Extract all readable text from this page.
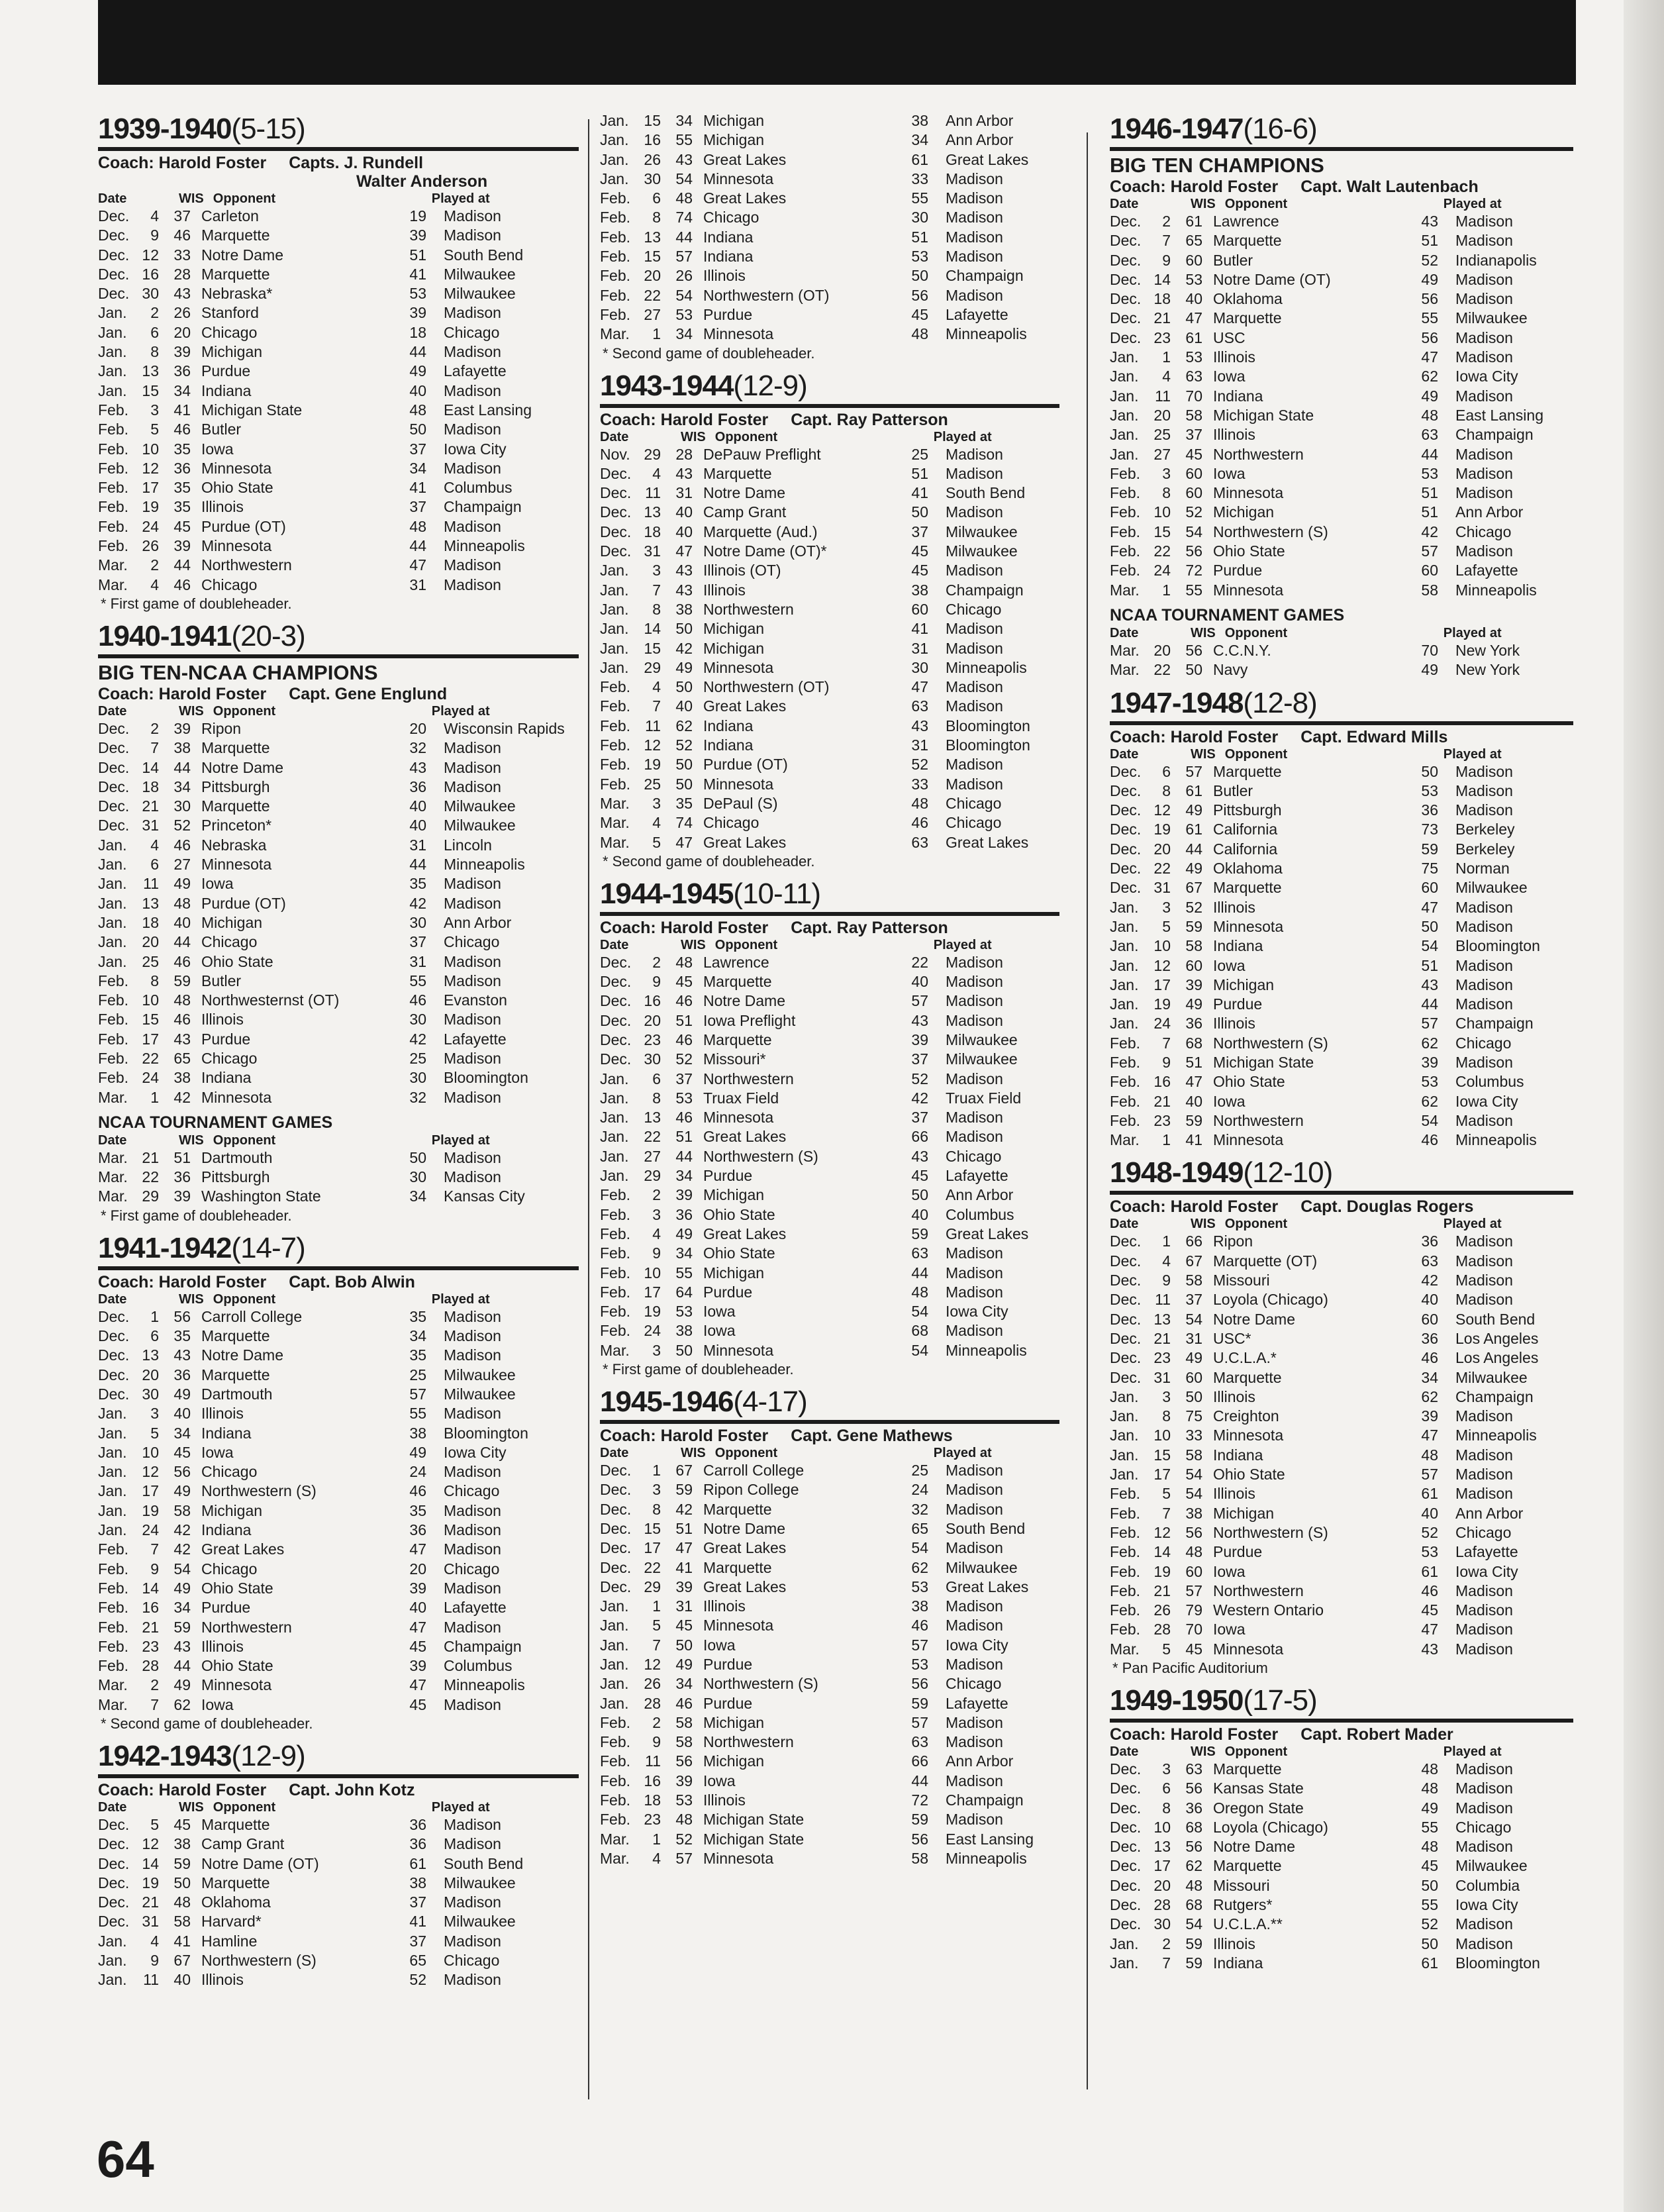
1939-1940(5-15)
Coach: Harold Foster Capts. J. Rundell
Walter Anderson
Date	WIS Opponent	Played at
Dec.	4 37 Carleton	19	Madison
Dec.	9 46 Marquette	39	Madison
Dec. 12 33 Notre Dame	51	South Bend
Dec. 16 28 Marquette	41	Milwaukee
Dec. 30 43 Nebraska*	53	Milwaukee
Jan.	2 26 Stanford	39	Madison
Jan.	6 20 Chicago	18	Chicago
Jan.	8 39 Michigan	44	Madison
Jan. 13 36 Purdue	49	Lafayette
Jan. 15 34 Indiana	40	Madison
Feb.	3 41 Michigan State	48	East Lansing
Feb.	5 46 Butler	50	Madison
Feb. 10 35 Iowa	37	Iowa City
Feb. 12 36 Minnesota	34	Madison
Feb. 17 35 Ohio State	41	Columbus
Feb. 19 35 Illinois	37	Champaign
Feb. 24 45 Purdue (OT)	48	Madison
Feb. 26 39 Minnesota	44	Minneapolis
Mar.	2 44 Northwestern	47	Madison
Mar.	4 46 Chicago	31	Madison
* First game of doubleheader.
1940-1941(20-3)
BIG TEN-NCAA CHAMPIONS
Coach: Harold Foster Capt. Gene Englund
Date	WIS Opponent	Played at
Dec.	2 39 Ripon	20	Wisconsin Rapids
Dec.	7 38 Marquette	32	Madison
Dec. 14 44 Notre Dame	43	Madison
Dec. 18 34 Pittsburgh	36	Madison
Dec. 21 30 Marquette	40	Milwaukee
Dec. 31 52 Princeton*	40	Milwaukee
Jan.	4 46 Nebraska	31	Lincoln
Jan.	6 27 Minnesota	44	Minneapolis
Jan.	11 49 Iowa	35	Madison
Jan. 13 48 Purdue (OT)	42	Madison
Jan. 18 40 Michigan	30	Ann Arbor
Jan. 20 44 Chicago	37	Chicago
Jan. 25 46 Ohio State	31	Madison
Feb.	8 59 Butler	55	Madison
Feb. 10 48 Northwesternst (OT)	46	Evanston
Feb. 15 46 Illinois	30	Madison
Feb. 17 43 Purdue	42	Lafayette
Feb. 22 65 Chicago	25	Madison
Feb. 24 38 Indiana	30	Bloomington
Mar.	1 42 Minnesota	32	Madison
NCAA TOURNAMENT GAMES
Date	WIS Opponent	Played at
Mar. 21 51 Dartmouth	50	Madison
Mar. 22 36 Pittsburgh	30	Madison
Mar. 29 39 Washington State	34	Kansas City
* First game of doubleheader.
1941-1942(14-7)
Coach: Harold Foster Capt. Bob Alwin
Date	WIS Opponent	Played at
Dec.	1 56 Carroll College	35	Madison
Dec.	6 35 Marquette	34	Madison
Dec. 13 43 Notre Dame	35	Madison
Dec. 20 36 Marquette	25	Milwaukee
Dec. 30 49 Dartmouth	57	Milwaukee
Jan.	3 40 Illinois	55	Madison
Jan.	5 34 Indiana	38	Bloomington
Jan. 10 45 Iowa	49	Iowa City
Jan. 12 56 Chicago	24	Madison
Jan. 17 49 Northwestern (S)	46	Chicago
Jan. 19 58 Michigan	35	Madison
Jan. 24 42 Indiana	36	Madison
Feb.	7 42 Great Lakes	47	Madison
Feb.	9 54 Chicago	20	Chicago
Feb. 14 49 Ohio State	39	Madison
Feb. 16 34 Purdue	40	Lafayette
Feb. 21 59 Northwestern	47	Madison
Feb. 23 43 Illinois	45	Champaign
Feb. 28 44 Ohio State	39	Columbus
Mar.	2 49 Minnesota	47	Minneapolis
Mar.	7 62 Iowa	45	Madison
* Second game of doubleheader.
1942-1943(12-9)
Coach: Harold Foster Capt. John Kotz
Date	WIS Opponent	Played at
Dec.	5 45 Marquette	36	Madison
Dec. 12 38 Camp Grant	36	Madison
Dec. 14 59 Notre Dame (OT)	61	South Bend
Dec. 19 50 Marquette	38	Milwaukee
Dec. 21 48 Oklahoma	37	Madison
Dec. 31 58 Harvard*	41	Milwaukee
Jan.	4 41 Hamline	37	Madison
Jan.	9 67 Northwestern (S)	65	Chicago
Jan.	11 40 Illinois	52	Madison
Jan. 15 34 Michigan	38	Ann Arbor
Jan. 16 55 Michigan	34	Ann Arbor
Jan. 26 43 Great Lakes	61	Great Lakes
Jan. 30 54 Minnesota	33	Madison
Feb.	6 48 Great Lakes	55	Madison
Feb.	8 74 Chicago	30	Madison
Feb. 13 44 Indiana	51	Madison
Feb. 15 57 Indiana	53	Madison
Feb. 20 26 Illinois	50	Champaign
Feb. 22 54 Northwestern (OT)	56	Madison
Feb. 27 53 Purdue	45	Lafayette
Mar.	1 34 Minnesota	48	Minneapolis
* Second game of doubleheader.
1943-1944(12-9)
Coach: Harold Foster Capt. Ray Patterson
Date	WIS Opponent	Played at
Nov. 29 28 DePauw Preflight	25	Madison
Dec.	4 43 Marquette	51	Madison
Dec. 11 31 Notre Dame	41	South Bend
Dec. 13 40 Camp Grant	50	Madison
Dec. 18 40 Marquette (Aud.)	37	Milwaukee
Dec. 31 47 Notre Dame (OT)*	45	Milwaukee
Jan.	3 43 Illinois (OT)	45	Madison
Jan.	7 43 Illinois	38	Champaign
Jan.	8 38 Northwestern	60	Chicago
Jan. 14 50 Michigan	41	Madison
Jan. 15 42 Michigan	31	Madison
Jan. 29 49 Minnesota	30	Minneapolis
Feb.	4 50 Northwestern (OT)	47	Madison
Feb.	7 40 Great Lakes	63	Madison
Feb. 11 62 Indiana	43	Bloomington
Feb. 12 52 Indiana	31	Bloomington
Feb. 19 50 Purdue (OT)	52	Madison
Feb. 25 50 Minnesota	33	Madison
Mar.	3 35 DePaul (S)	48	Chicago
Mar.	4 74 Chicago	46	Chicago
Mar.	5 47 Great Lakes	63	Great Lakes
* Second game of doubleheader.
1944-1945(10-11)
Coach: Harold Foster Capt. Ray Patterson
Date	WIS Opponent	Played at
Dec.	2 48 Lawrence	22	Madison
Dec.	9 45 Marquette	40	Madison
Dec. 16 46 Notre Dame	57	Madison
Dec. 20 51 Iowa Preflight	43	Madison
Dec. 23 46 Marquette	39	Milwaukee
Dec. 30 52 Missouri*	37	Milwaukee
Jan.	6 37 Northwestern	52	Madison
Jan.	8 53 Truax Field	42	Truax Field
Jan. 13 46 Minnesota	37	Madison
Jan. 22 51 Great Lakes	66	Madison
Jan. 27 44 Northwestern (S)	43	Chicago
Jan. 29 34 Purdue	45	Lafayette
Feb.	2 39 Michigan	50	Ann Arbor
Feb.	3 36 Ohio State	40	Columbus
Feb.	4 49 Great Lakes	59	Great Lakes
Feb.	9 34 Ohio State	63	Madison
Feb. 10 55 Michigan	44	Madison
Feb. 17 64 Purdue	48	Madison
Feb. 19 53 Iowa	54	Iowa City
Feb. 24 38 Iowa	68	Madison
Mar.	3 50 Minnesota	54	Minneapolis
* First game of doubleheader.
1945-1946(4-17)
Coach: Harold Foster Capt. Gene Mathews
Date	WIS Opponent	Played at
Dec.	1 67 Carroll College	25	Madison
Dec.	3 59 Ripon College	24	Madison
Dec.	8 42 Marquette	32	Madison
Dec. 15 51 Notre Dame	65	South Bend
Dec. 17 47 Great Lakes	54	Madison
Dec. 22 41 Marquette	62	Milwaukee
Dec. 29 39 Great Lakes	53	Great Lakes
Jan.	1 31 Illinois	38	Madison
Jan.	5 45 Minnesota	46	Madison
Jan.	7 50 Iowa	57	Iowa City
Jan. 12 49 Purdue	53	Madison
Jan. 26 34 Northwestern (S)	56	Chicago
Jan. 28 46 Purdue	59	Lafayette
Feb.	2 58 Michigan	57	Madison
Feb.	9 58 Northwestern	63	Madison
Feb. 11 56 Michigan	66	Ann Arbor
Feb. 16 39 Iowa	44	Madison
Feb. 18 53 Illinois	72	Champaign
Feb. 23 48 Michigan State	59	Madison
Mar.	1 52 Michigan State	56	East Lansing
Mar.	4 57 Minnesota	58	Minneapolis
1946-1947(16-6)
BIG TEN CHAMPIONS
Coach: Harold Foster Capt. Walt Lautenbach
Date	WIS Opponent	Played at
Dec.	2 61 Lawrence	43	Madison
Dec.	7 65 Marquette	51	Madison
Dec.	9 60 Butler	52	Indianapolis
Dec. 14 53 Notre Dame (OT)	49	Madison
Dec. 18 40 Oklahoma	56	Madison
Dec. 21 47 Marquette	55	Milwaukee
Dec. 23 61 USC	56	Madison
Jan.	1 53 Illinois	47	Madison
Jan.	4 63 Iowa	62	Iowa City
Jan.	11 70 Indiana	49	Madison
Jan. 20 58 Michigan State	48	East Lansing
Jan. 25 37 Illinois	63	Champaign
Jan. 27 45 Northwestern	44	Madison
Feb.	3 60 Iowa	53	Madison
Feb.	8 60 Minnesota	51	Madison
Feb. 10 52 Michigan	51	Ann Arbor
Feb. 15 54 Northwestern (S)	42	Chicago
Feb. 22 56 Ohio State	57	Madison
Feb. 24 72 Purdue	60	Lafayette
Mar.	1 55 Minnesota	58	Minneapolis
NCAA TOURNAMENT GAMES
Date	WIS Opponent	Played at
Mar. 20 56 C.C.N.Y.	70	New York
Mar. 22 50 Navy	49	New York
1947-1948(12-8)
Coach: Harold Foster Capt. Edward Mills
Date	WIS Opponent	Played at
Dec.	6 57 Marquette	50	Madison
Dec.	8 61 Butler	53	Madison
Dec. 12 49 Pittsburgh	36	Madison
Dec. 19 61 California	73	Berkeley
Dec. 20 44 California	59	Berkeley
Dec. 22 49 Oklahoma	75	Norman
Dec. 31 67 Marquette	60	Milwaukee
Jan.	3 52 Illinois	47	Madison
Jan.	5 59 Minnesota	50	Madison
Jan. 10 58 Indiana	54	Bloomington
Jan. 12 60 Iowa	51	Madison
Jan. 17 39 Michigan	43	Madison
Jan. 19 49 Purdue	44	Madison
Jan. 24 36 Illinois	57	Champaign
Feb.	7 68 Northwestern (S)	62	Chicago
Feb.	9 51 Michigan State	39	Madison
Feb. 16 47 Ohio State	53	Columbus
Feb. 21 40 Iowa	62	Iowa City
Feb. 23 59 Northwestern	54	Madison
Mar.	1 41 Minnesota	46	Minneapolis
1948-1949(12-10)
Coach: Harold Foster Capt. Douglas Rogers
Date	WIS Opponent	Played at
Dec.	1 66 Ripon	36	Madison
Dec.	4 67 Marquette (OT)	63	Madison
Dec.	9 58 Missouri	42	Madison
Dec. 11 37 Loyola (Chicago)	40	Madison
Dec. 13 54 Notre Dame	60	South Bend
Dec. 21 31 USC*	36	Los Angeles
Dec. 23 49 U.C.L.A.*	46	Los Angeles
Dec. 31 60 Marquette	34	Milwaukee
Jan.	3 50 Illinois	62	Champaign
Jan.	8 75 Creighton	39	Madison
Jan. 10 33 Minnesota	47	Minneapolis
Jan. 15 58 Indiana	48	Madison
Jan. 17 54 Ohio State	57	Madison
Feb.	5 54 Illinois	61	Madison
Feb.	7 38 Michigan	40	Ann Arbor
Feb. 12 56 Northwestern (S)	52	Chicago
Feb. 14 48 Purdue	53	Lafayette
Feb. 19 60 Iowa	61	Iowa City
Feb. 21 57 Northwestern	46	Madison
Feb. 26 79 Western Ontario	45	Madison
Feb. 28 70 Iowa	47	Madison
Mar.	5 45 Minnesota	43	Madison
* Pan Pacific Auditorium
1949-1950(17-5)
Coach: Harold Foster Capt. Robert Mader
Date	WIS Opponent	Played at
Dec.	3 63 Marquette	48	Madison
Dec.	6 56 Kansas State	48	Madison
Dec.	8 36 Oregon State	49	Madison
Dec. 10 68 Loyola (Chicago)	55	Chicago
Dec. 13 56 Notre Dame	48	Madison
Dec. 17 62 Marquette	45	Milwaukee
Dec. 20 48 Missouri	50	Columbia
Dec. 28 68 Rutgers*	55	Iowa City
Dec. 30 54 U.C.L.A.**	52	Madison
Jan.	2 59 Illinois	50	Madison
Jan.	7 59 Indiana	61	Bloomington
64
